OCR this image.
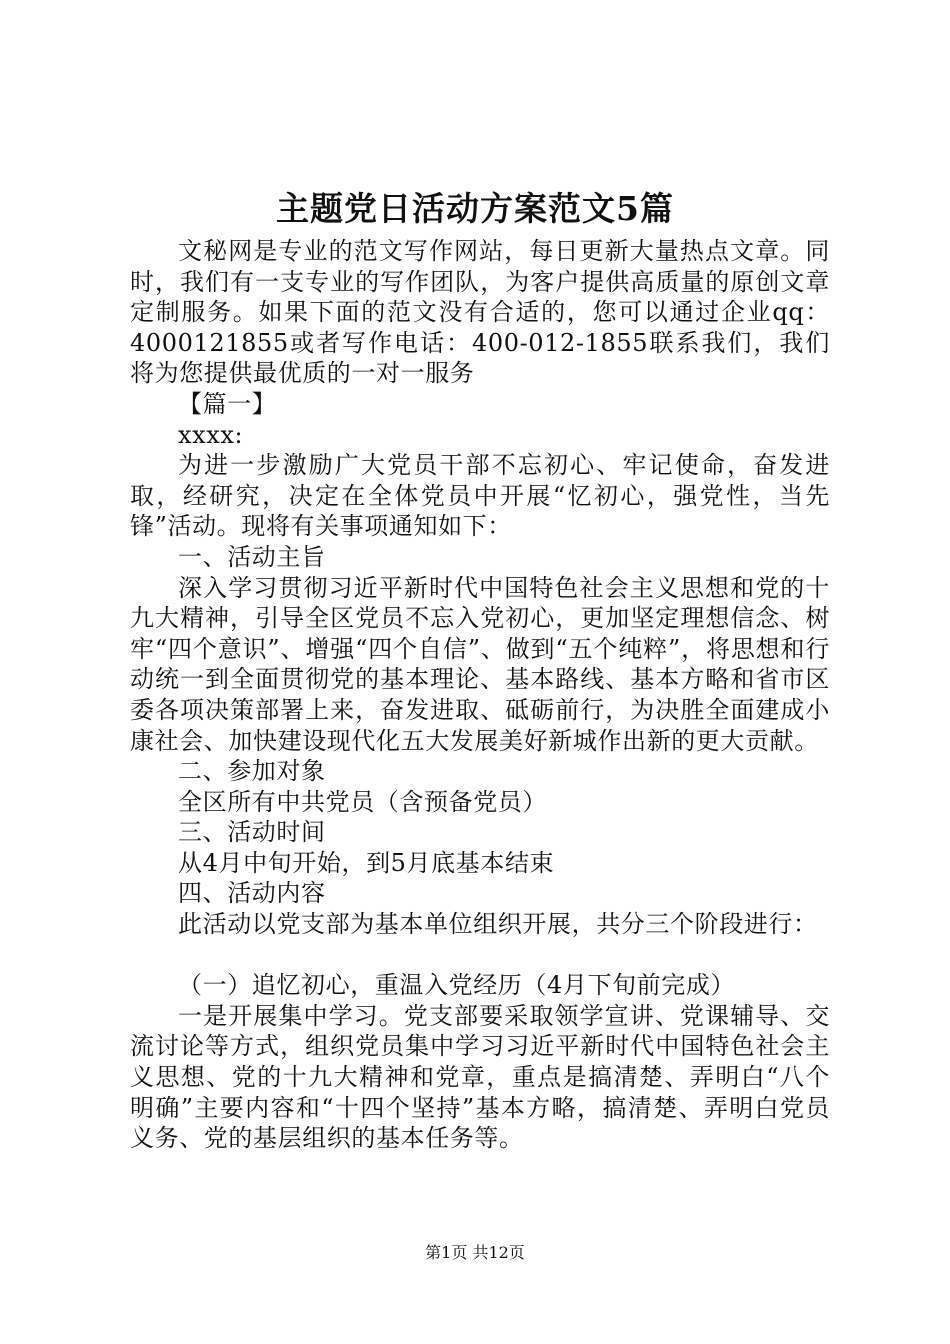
主题党日活动方案范文5篇

文秘网是专业的范文写作网站，每日更新大量热点文章。同时，我们有一支专业的写作团队，为客户提供高质量的原创文章定制服务。如果下面的范文没有合适的，您可以通过企业qq：4000121855或者写作电话：400-012-1855联系我们，我们将为您提供最优质的一对一服务

【篇一】

xxxx:

为进一步激励广大党员干部不忘初心、牢记使命，奋发进取，经研究，决定在全体党员中开展“忆初心，强党性，当先锋”活动。现将有关事项通知如下：

一、活动主旨

深入学习贯彻习近平新时代中国特色社会主义思想和党的十九大精神，引导全区党员不忘入党初心，更加坚定理想信念、树牢“四个意识”、增强“四个自信”、做到“五个纯粹”，将思想和行动统一到全面贯彻党的基本理论、基本路线、基本方略和省市区委各项决策部署上来，奋发进取、砥砺前行，为决胜全面建成小康社会、加快建设现代化五大发展美好新城作出新的更大贡献。

二、参加对象

全区所有中共党员（含预备党员）

三、活动时间

从4月中旬开始，到5月底基本结束

四、活动内容

此活动以党支部为基本单位组织开展，共分三个阶段进行：

（一）追忆初心，重温入党经历（4月下旬前完成）

一是开展集中学习。党支部要采取领学宣讲、党课辅导、交流讨论等方式，组织党员集中学习习近平新时代中国特色社会主义思想、党的十九大精神和党章，重点是搞清楚、弄明白“八个明确”主要内容和“十四个坚持”基本方略，搞清楚、弄明白党员义务、党的基层组织的基本任务等。

第1页 共12页
